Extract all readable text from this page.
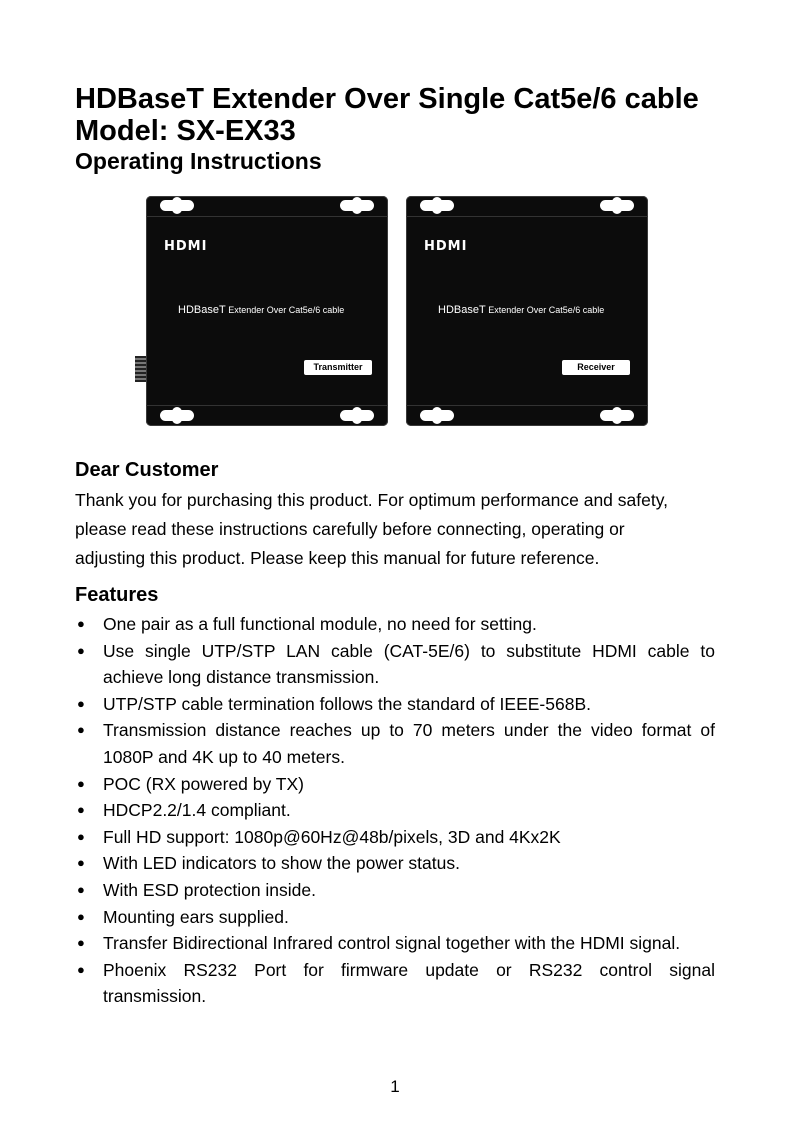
HDBaseT Extender Over Single Cat5e/6 cable
Model: SX-EX33
Operating Instructions
HDMI
HDBaseT Extender Over Cat5e/6 cable
Transmitter
HDMI
HDBaseT Extender Over Cat5e/6 cable
Receiver
Dear Customer

Thank you for purchasing this product. For optimum performance and safety,
please read these instructions carefully before connecting, operating or
adjusting this product. Please keep this manual for future reference.

Features
● One pair as a full functional module, no need for setting.
● Use single UTP/STP LAN cable (CAT-5E/6) to substitute HDMI cable to
achieve long distance transmission.
● UTP/STP cable termination follows the standard of IEEE-568B.
● Transmission distance reaches up to 70 meters under the video format of
1080P and 4K up to 40 meters.
● POC (RX powered by TX)
● HDCP2.2/1.4 compliant.
● Full HD support: 1080p@60Hz@48b/pixels, 3D and 4Kx2K
● With LED indicators to show the power status.
● With ESD protection inside.
● Mounting ears supplied.
● Transfer Bidirectional Infrared control signal together with the HDMI signal.
● Phoenix RS232 Port for firmware update or RS232 control signal
transmission.
1
